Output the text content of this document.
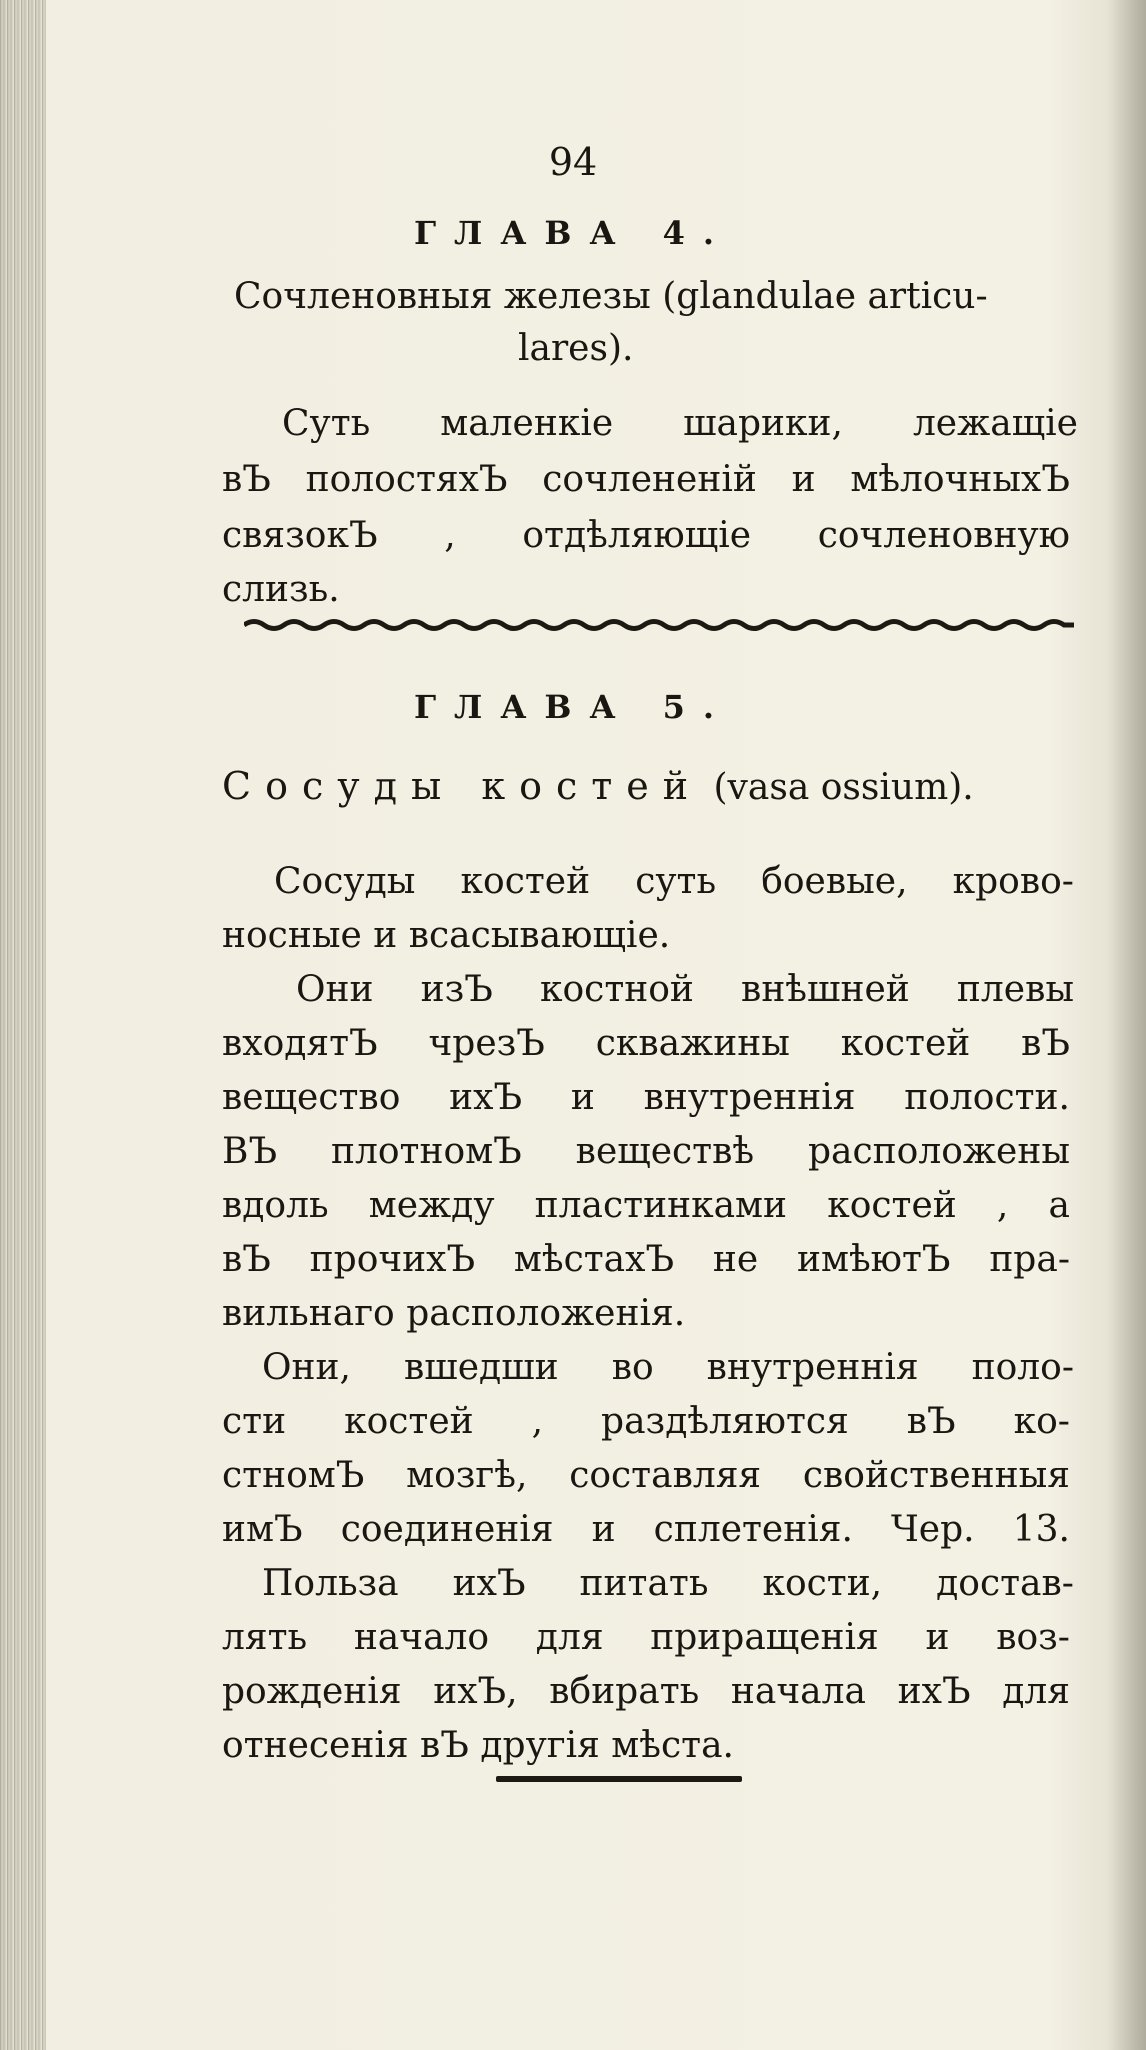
94
ГЛАВА 4.
Сочленовныя железы (glandulae articu-
lares).
Суть маленкіе шарики, лежащіе
вЪ полостяхЪ сочлененій и мѣлочныхЪ
связокЪ , отдѣляющіе сочленовную
слизь.
ГЛАВА 5.
Сосуды костей (vasa ossium).
Сосуды костей суть боевые, крово-
носные и всасывающіе.
Они изЪ костной внѣшней плевы
входятЪ чрезЪ скважины костей вЪ
вещество ихЪ и внутреннія полости.
ВЪ плотномЪ веществѣ расположены
вдоль между пластинками костей , а
вЪ прочихЪ мѣстахЪ не имѣютЪ пра-
вильнаго расположенія.
Они, вшедши во внутреннія поло-
сти костей , раздѣляются вЪ ко-
стномЪ мозгѣ, составляя свойственныя
имЪ соединенія и сплетенія. Чер. 13.
Польза ихЪ питать кости, достав-
лять начало для приращенія и воз-
рожденія ихЪ, вбирать начала ихЪ для
отнесенія вЪ другія мѣста.
